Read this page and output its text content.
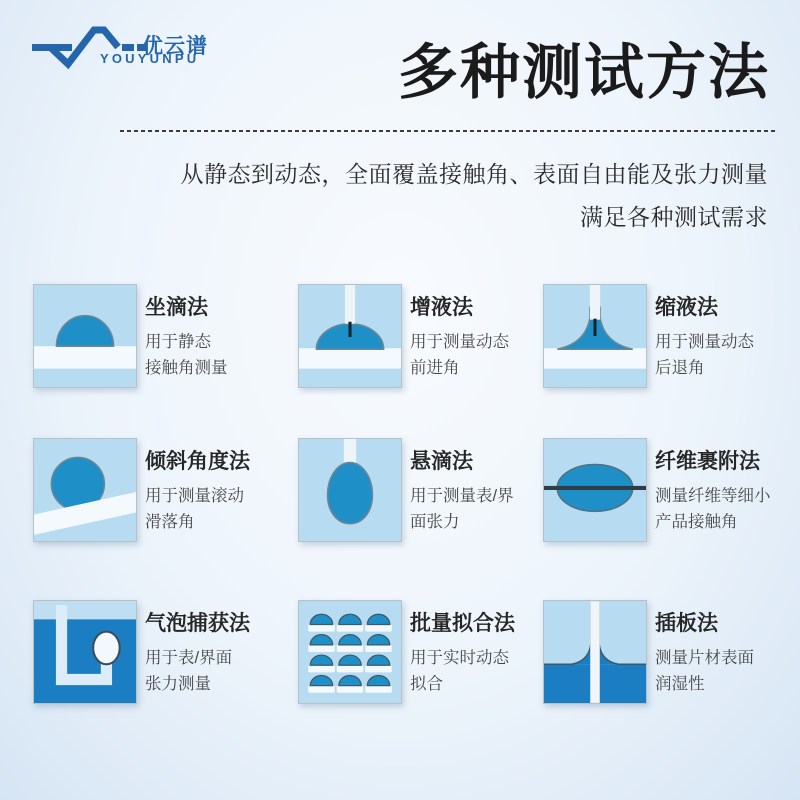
优云谱
YOUYUNPU	多种测试方法

从静态到动态，全面覆盖接触角、表面自由能及张力测量

满足各种测试需求

坐滴法

用于静态

接触角测量

增液法

用于测量动态

前进角

缩液法

用于测量动态

后退角

倾斜角度法

用于测量滚动

滑落角

悬滴法

用于测量表/界

面张力

纤维裹附法

测量纤维等细小

产品接触角

气泡捕获法

用于表/界面

张力测量

批量拟合法

用于实时动态

拟合

插板法

测量片材表面

润湿性
